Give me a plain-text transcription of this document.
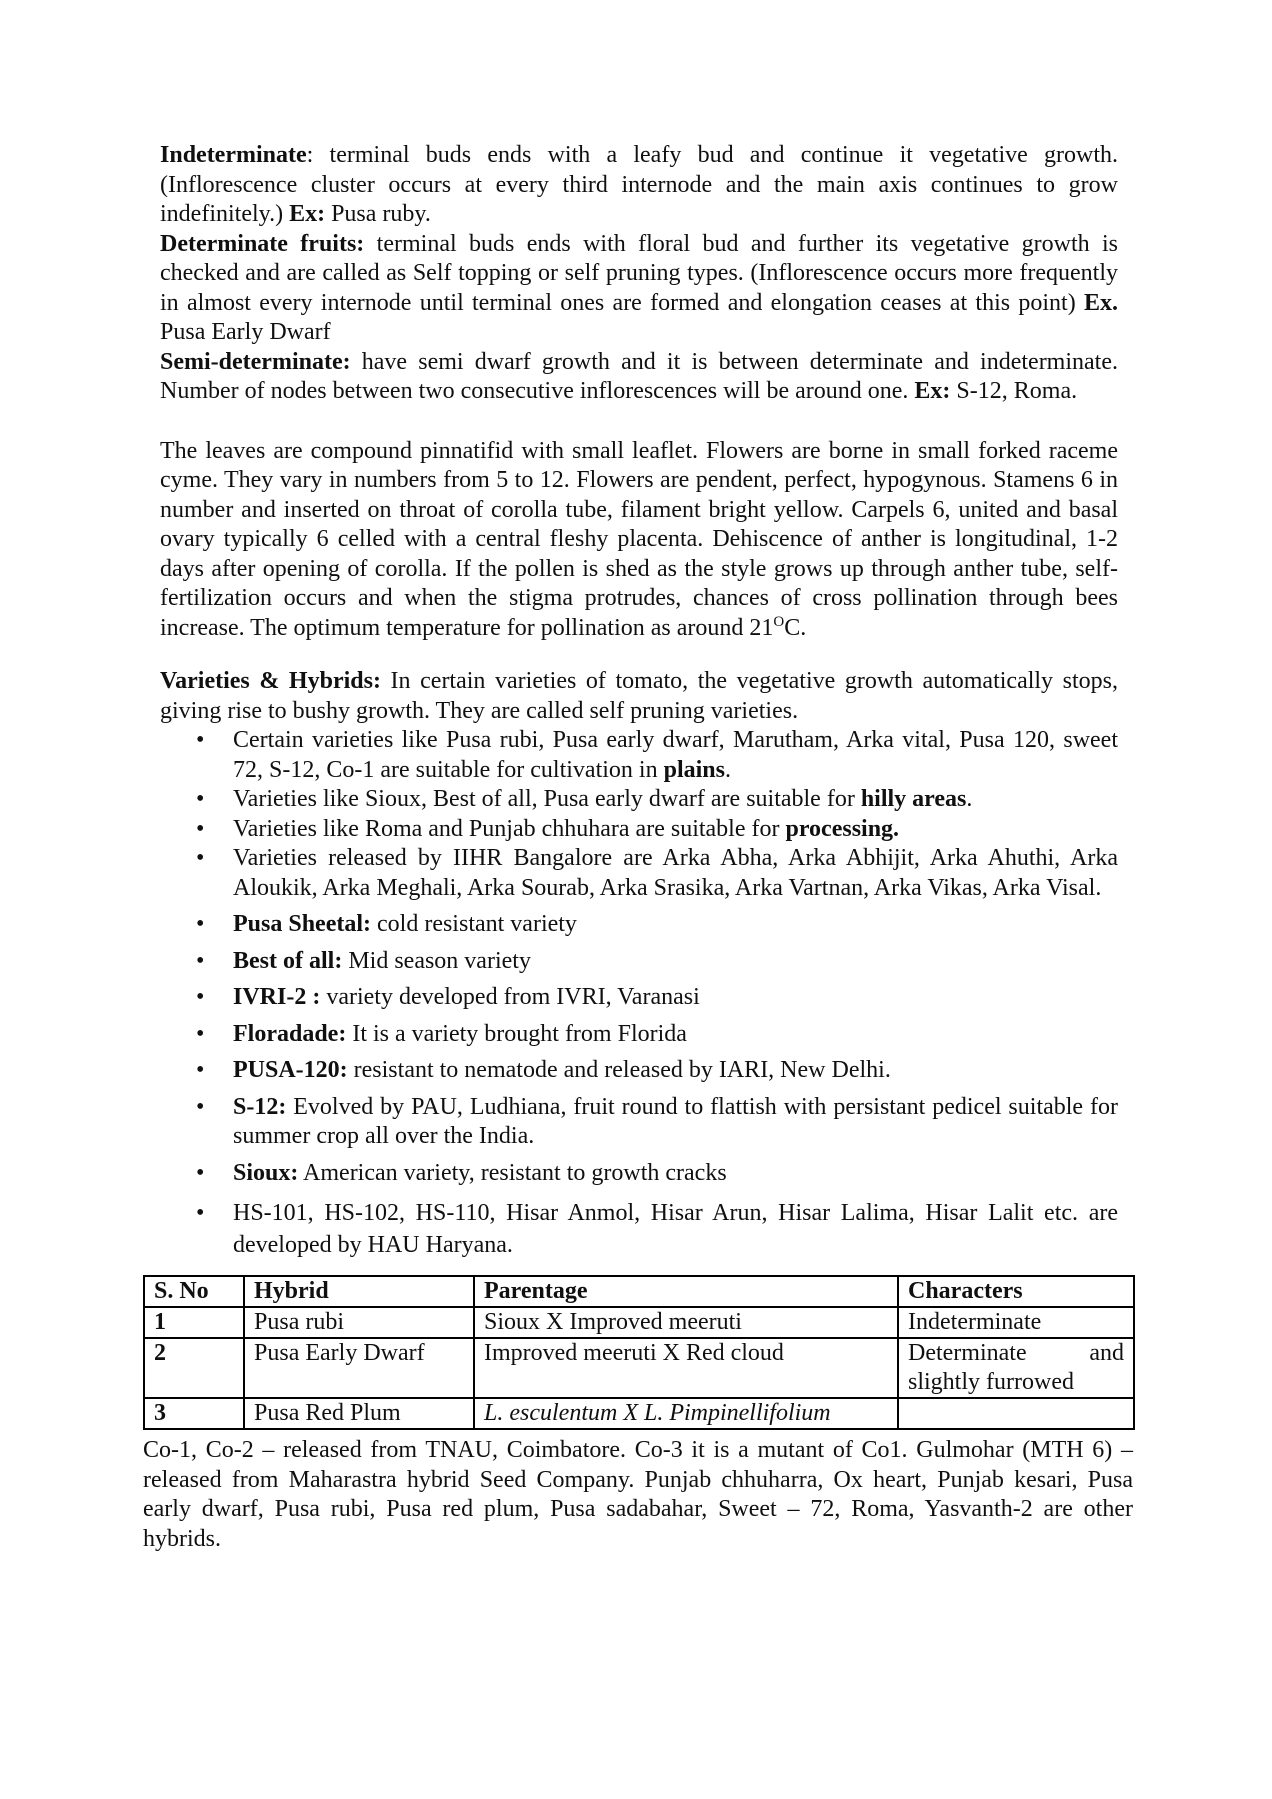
Indeterminate: terminal buds ends with a leafy bud and continue it vegetative growth. (Inflorescence cluster occurs at every third internode and the main axis continues to grow indefinitely.) Ex: Pusa ruby.

Determinate fruits: terminal buds ends with floral bud and further its vegetative growth is checked and are called as Self topping or self pruning types. (Inflorescence occurs more frequently in almost every internode until terminal ones are formed and elongation ceases at this point) Ex. Pusa Early Dwarf

Semi-determinate: have semi dwarf growth and it is between determinate and indeterminate. Number of nodes between two consecutive inflorescences will be around one. Ex: S-12, Roma.

The leaves are compound pinnatifid with small leaflet. Flowers are borne in small forked raceme cyme. They vary in numbers from 5 to 12. Flowers are pendent, perfect, hypogynous. Stamens 6 in number and inserted on throat of corolla tube, filament bright yellow. Carpels 6, united and basal ovary typically 6 celled with a central fleshy placenta. Dehiscence of anther is longitudinal, 1-2 days after opening of corolla. If the pollen is shed as the style grows up through anther tube, self-fertilization occurs and when the stigma protrudes, chances of cross pollination through bees increase. The optimum temperature for pollination as around $21^OC$.

Varieties & Hybrids: In certain varieties of tomato, the vegetative growth automatically stops, giving rise to bushy growth. They are called self pruning varieties.

• Certain varieties like Pusa rubi, Pusa early dwarf, Marutham, Arka vital, Pusa 120, sweet 72, S-12, Co-1 are suitable for cultivation in plains.
• Varieties like Sioux, Best of all, Pusa early dwarf are suitable for hilly areas.
• Varieties like Roma and Punjab chhuhara are suitable for processing.
• Varieties released by IIHR Bangalore are Arka Abha, Arka Abhijit, Arka Ahuthi, Arka Aloukik, Arka Meghali, Arka Sourab, Arka Srasika, Arka Vartnan, Arka Vikas, Arka Visal.
• Pusa Sheetal: cold resistant variety
• Best of all: Mid season variety
• IVRI-2 : variety developed from IVRI, Varanasi
• Floradade: It is a variety brought from Florida
• PUSA-120: resistant to nematode and released by IARI, New Delhi.
• S-12: Evolved by PAU, Ludhiana, fruit round to flattish with persistant pedicel suitable for summer crop all over the India.
• Sioux: American variety, resistant to growth cracks
• HS-101, HS-102, HS-110, Hisar Anmol, Hisar Arun, Hisar Lalima, Hisar Lalit etc. are developed by HAU Haryana.
S. No	Hybrid	Parentage	Characters
1	Pusa rubi	Sioux X Improved meeruti	Indeterminate
2	Pusa Early Dwarf	Improved meeruti X Red cloud	Determinate and slightly furrowed
3	Pusa Red Plum	L. esculentum X L. Pimpinellifolium	

Co-1, Co-2 – released from TNAU, Coimbatore. Co-3 it is a mutant of Co1. Gulmohar (MTH 6) – released from Maharastra hybrid Seed Company. Punjab chhuharra, Ox heart, Punjab kesari, Pusa early dwarf, Pusa rubi, Pusa red plum, Pusa sadabahar, Sweet – 72, Roma, Yasvanth-2 are other hybrids.
